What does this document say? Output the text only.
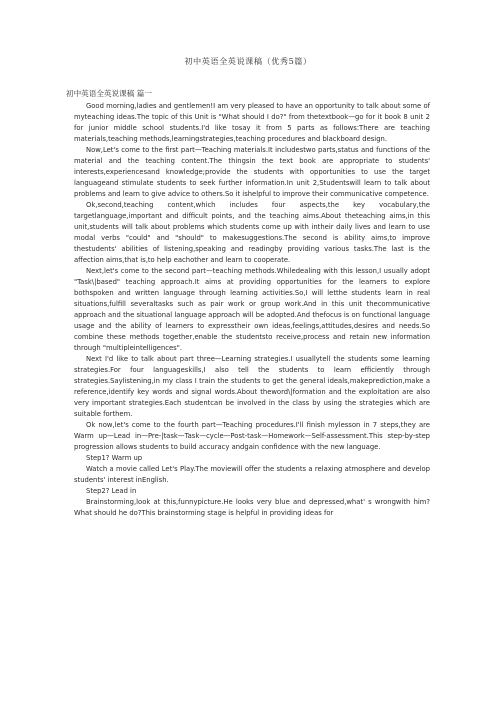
初中英语全英说课稿（优秀5篇）
初中英语全英说课稿 篇一

Good morning,ladies and gentlemen!I am very pleased to have an opportunity to talk about some of myteaching ideas.The topic of this Unit is "What should I do?" from thetextbook—go for it book 8 unit 2 for junior middle school students.I'd like tosay it from 5 parts as follows:There are teaching materials,teaching methods,learningstrategies,teaching procedures and blackboard design.

Now,Let's come to the first part—Teaching materials.It includestwo parts,status and functions of the material and the teaching content.The thingsin the text book are appropriate to students' interests,experiencesand knowledge;provide the students with opportunities to use the target languageand stimulate students to seek further information.In unit 2,Studentswill learn to talk about problems and learn to give advice to others.So it ishelpful to improve their communicative competence.

Ok,second,teaching content,which includes four aspects,the key vocabulary,the targetlanguage,important and difficult points, and the teaching aims.About theteaching aims,in this unit,students will talk about problems which students come up with intheir daily lives and learn to use modal verbs "could" and "should" to makesuggestions.The second is ability aims,to improve thestudents' abilities of listening,speaking and readingby providing various tasks.The last is the affection aims,that is,to help eachother and learn to cooperate.

Next,let's come to the second part—teaching methods.Whiledealing with this lesson,I usually adopt "Task\|based" teaching approach.It aims at providing opportunities for the learners to explore bothspoken and written language through learning activities.So,I will letthe students learn in real situations,fulfill severaltasks such as pair work or group work.And in this unit thecommunicative approach and the situational language approach will be adopted.And thefocus is on functional language usage and the ability of learners to expresstheir own ideas,feelings,attitudes,desires and needs.So combine these methods together,enable the studentsto receive,process and retain new information through "multipleintelligences".

Next I'd like to talk about part three—Learning strategies.I usuallytell the students some learning strategies.For four languageskills,I also tell the students to learn efficiently through strategies.Saylistening,in my class I train the students to get the general ideals,makeprediction,make a reference,identify key words and signal words.About theword\|formation and the exploitation are also very important strategies.Each studentcan be involved in the class by using the strategies which are suitable forthem.

Ok now,let's come to the fourth part—Teaching procedures.I'll finish mylesson in 7 steps,they are Warm up—Lead in—Pre-|task—Task—cycle—Post-task—Homework—Self-assessment.This step-by-step progression allows students to build accuracy andgain confidence with the new language.

Step1? Warm up

Watch a movie called Let's Play.The moviewill offer the students a relaxing atmosphere and develop students' interest inEnglish.

Step2? Lead in

Brainstorming,look at this,funnypicture.He looks very blue and depressed,what' s wrongwith him?What should he do?This brainstorming stage is helpful in providing ideas for
